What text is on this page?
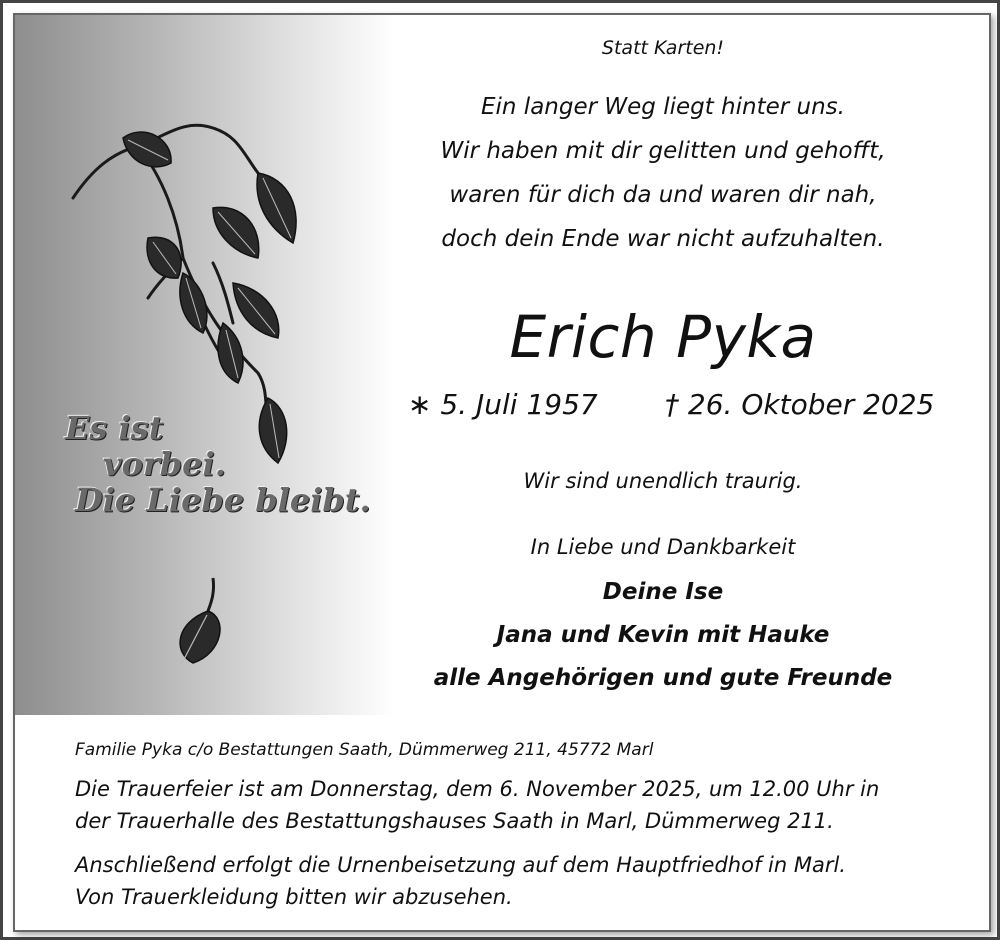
Es ist
vorbei.
Die Liebe bleibt.
Statt Karten!
Ein langer Weg liegt hinter uns.
Wir haben mit dir gelitten und gehofft,
waren für dich da und waren dir nah,
doch dein Ende war nicht aufzuhalten.
Erich Pyka
∗ 5. Juli 1957 † 26. Oktober 2025
Wir sind unendlich traurig.
In Liebe und Dankbarkeit
Deine Ise
Jana und Kevin mit Hauke
alle Angehörigen und gute Freunde
Familie Pyka c/o Bestattungen Saath, Dümmerweg 211, 45772 Marl
Die Trauerfeier ist am Donnerstag, dem 6. November 2025, um 12.00 Uhr in
der Trauerhalle des Bestattungshauses Saath in Marl, Dümmerweg 211.
Anschließend erfolgt die Urnenbeisetzung auf dem Hauptfriedhof in Marl.
Von Trauerkleidung bitten wir abzusehen.
